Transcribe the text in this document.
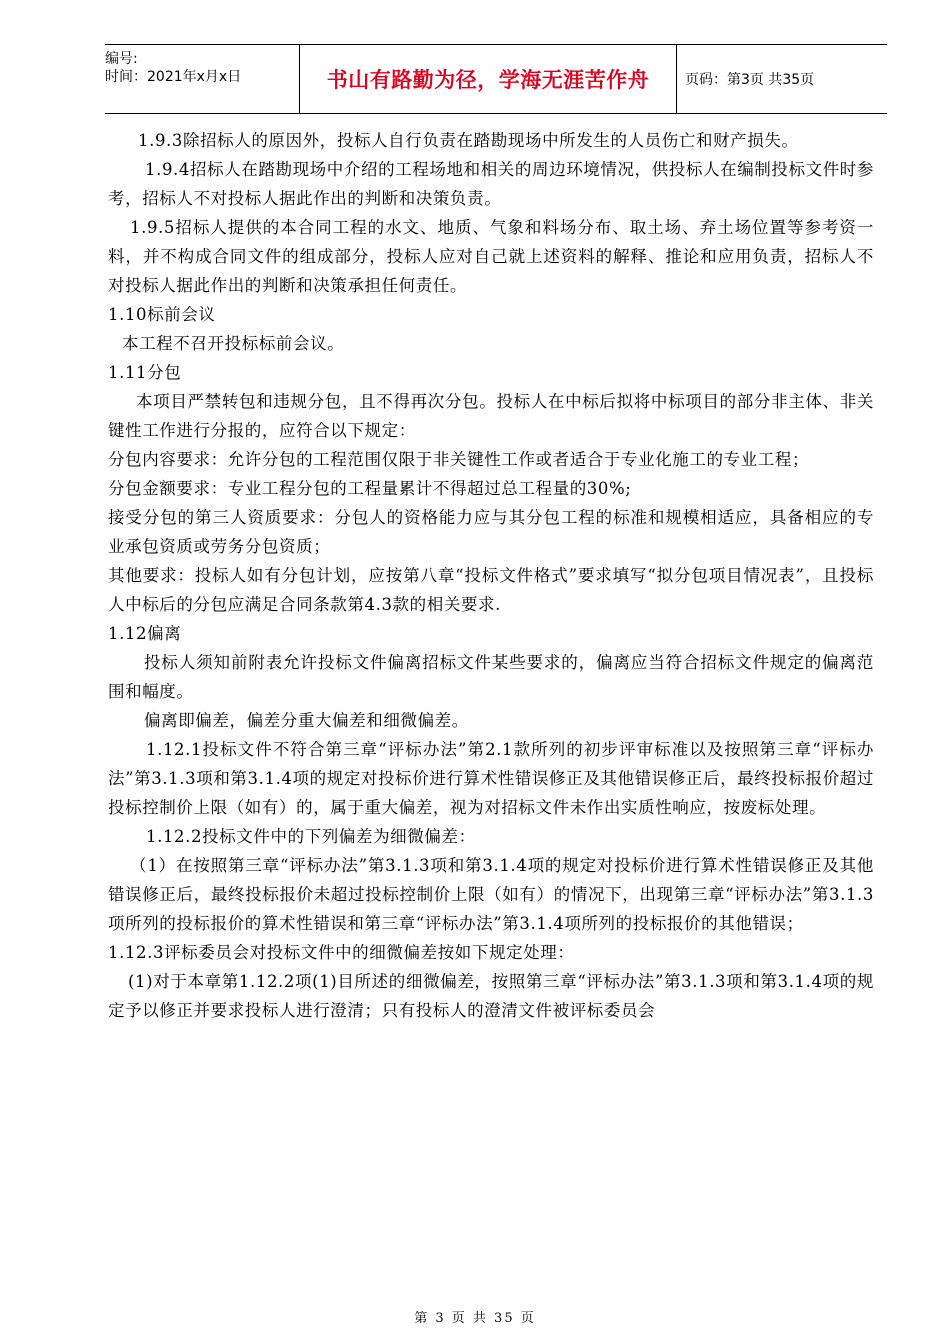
编号:
时间：2021年x月x日	书山有路勤为径，学海无涯苦作舟	页码：第3页 共35页

1.9.3除招标人的原因外，投标人自行负责在踏勘现场中所发生的人员伤亡和财产损失。

1.9.4招标人在踏勘现场中介绍的工程场地和相关的周边环境情况，供投标人在编制投标文件时参考，招标人不对投标人据此作出的判断和决策负责。

1.9.5招标人提供的本合同工程的水文、地质、气象和料场分布、取土场、弃土场位置等参考资一料，并不构成合同文件的组成部分，投标人应对自己就上述资料的解释、推论和应用负责，招标人不对投标人据此作出的判断和决策承担任何责任。

1.10标前会议

本工程不召开投标标前会议。

1.11分包

本项目严禁转包和违规分包，且不得再次分包。投标人在中标后拟将中标项目的部分非主体、非关键性工作进行分报的，应符合以下规定：

分包内容要求：允许分包的工程范围仅限于非关键性工作或者适合于专业化施工的专业工程；

分包金额要求：专业工程分包的工程量累计不得超过总工程量的30%;

接受分包的第三人资质要求：分包人的资格能力应与其分包工程的标准和规模相适应，具备相应的专业承包资质或劳务分包资质；

其他要求：投标人如有分包计划，应按第八章“投标文件格式”要求填写“拟分包项目情况表”，且投标人中标后的分包应满足合同条款第4.3款的相关要求.

1.12偏离

投标人须知前附表允许投标文件偏离招标文件某些要求的，偏离应当符合招标文件规定的偏离范围和幅度。

偏离即偏差，偏差分重大偏差和细微偏差。

1.12.1投标文件不符合第三章“评标办法”第2.1款所列的初步评审标准以及按照第三章“评标办法”第3.1.3项和第3.1.4项的规定对投标价进行算术性错误修正及其他错误修正后，最终投标报价超过投标控制价上限（如有）的，属于重大偏差，视为对招标文件未作出实质性响应，按废标处理。

1.12.2投标文件中的下列偏差为细微偏差：

（1）在按照第三章“评标办法”第3.1.3项和第3.1.4项的规定对投标价进行算术性错误修正及其他错误修正后，最终投标报价未超过投标控制价上限（如有）的情况下，出现第三章“评标办法”第3.1.3项所列的投标报价的算术性错误和第三章“评标办法”第3.1.4项所列的投标报价的其他错误；

1.12.3评标委员会对投标文件中的细微偏差按如下规定处理：

(1)对于本章第1.12.2项(1)目所述的细微偏差，按照第三章“评标办法”第3.1.3项和第3.1.4项的规定予以修正并要求投标人进行澄清；只有投标人的澄清文件被评标委员会

第 3 页 共 35 页
